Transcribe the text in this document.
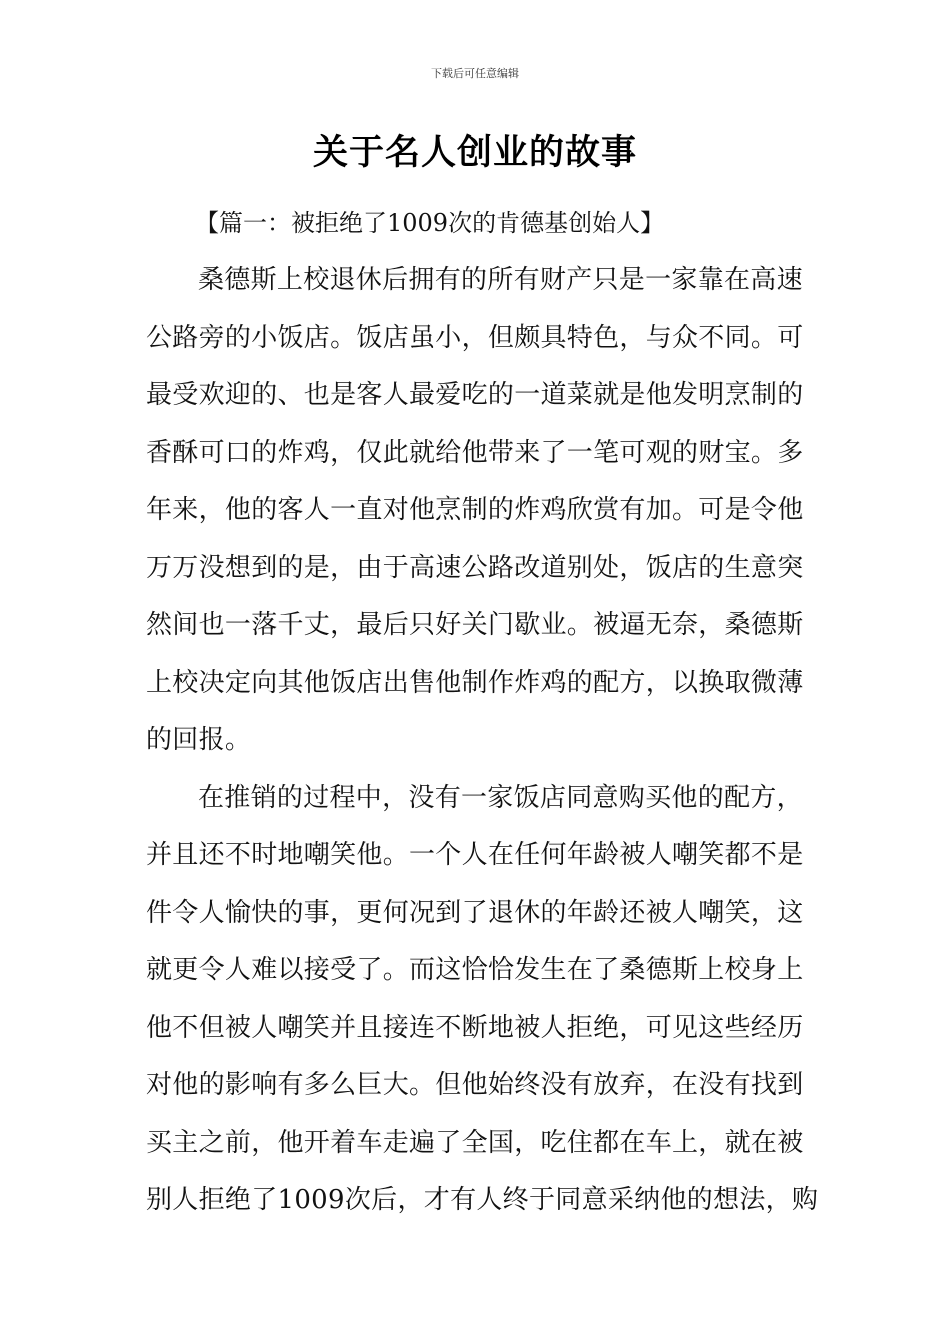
下载后可任意编辑
关于名人创业的故事
【篇一：被拒绝了1009次的肯德基创始人】
桑德斯上校退休后拥有的所有财产只是一家靠在高速
公路旁的小饭店。饭店虽小，但颇具特色，与众不同。可
最受欢迎的、也是客人最爱吃的一道菜就是他发明烹制的
香酥可口的炸鸡，仅此就给他带来了一笔可观的财宝。多
年来，他的客人一直对他烹制的炸鸡欣赏有加。可是令他
万万没想到的是，由于高速公路改道别处，饭店的生意突
然间也一落千丈，最后只好关门歇业。被逼无奈，桑德斯
上校决定向其他饭店出售他制作炸鸡的配方，以换取微薄
的回报。
在推销的过程中，没有一家饭店同意购买他的配方，
并且还不时地嘲笑他。一个人在任何年龄被人嘲笑都不是
件令人愉快的事，更何况到了退休的年龄还被人嘲笑，这
就更令人难以接受了。而这恰恰发生在了桑德斯上校身上
他不但被人嘲笑并且接连不断地被人拒绝，可见这些经历
对他的影响有多么巨大。但他始终没有放弃，在没有找到
买主之前，他开着车走遍了全国，吃住都在车上，就在被
别人拒绝了1009次后，才有人终于同意采纳他的想法，购
